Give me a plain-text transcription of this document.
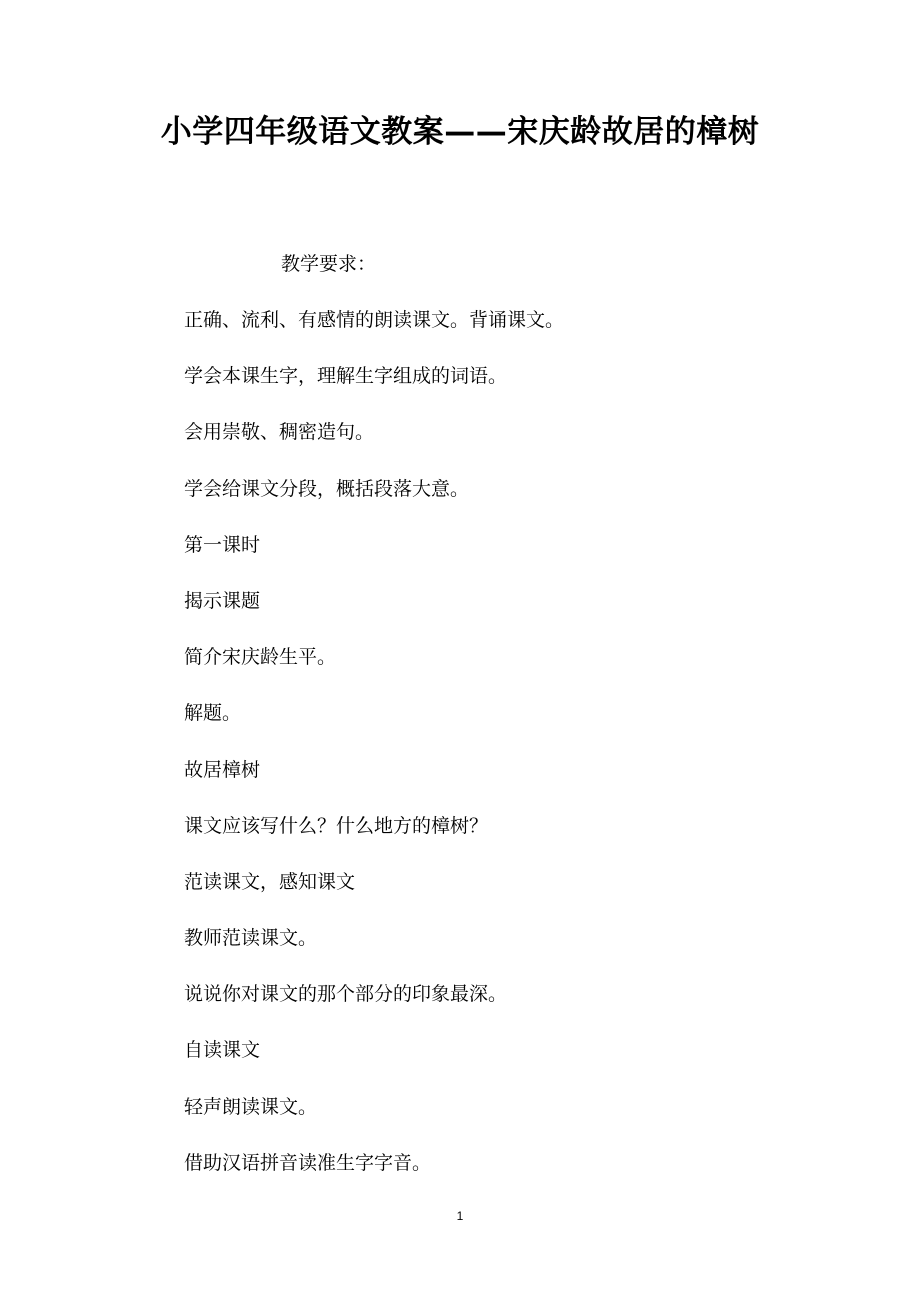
小学四年级语文教案——宋庆龄故居的樟树

教学要求：

正确、流利、有感情的朗读课文。背诵课文。
学会本课生字，理解生字组成的词语。
会用崇敬、稠密造句。
学会给课文分段，概括段落大意。
第一课时
揭示课题
简介宋庆龄生平。
解题。
故居樟树
课文应该写什么？什么地方的樟树？
范读课文，感知课文
教师范读课文。
说说你对课文的那个部分的印象最深。
自读课文
轻声朗读课文。
借助汉语拼音读准生字字音。
1
